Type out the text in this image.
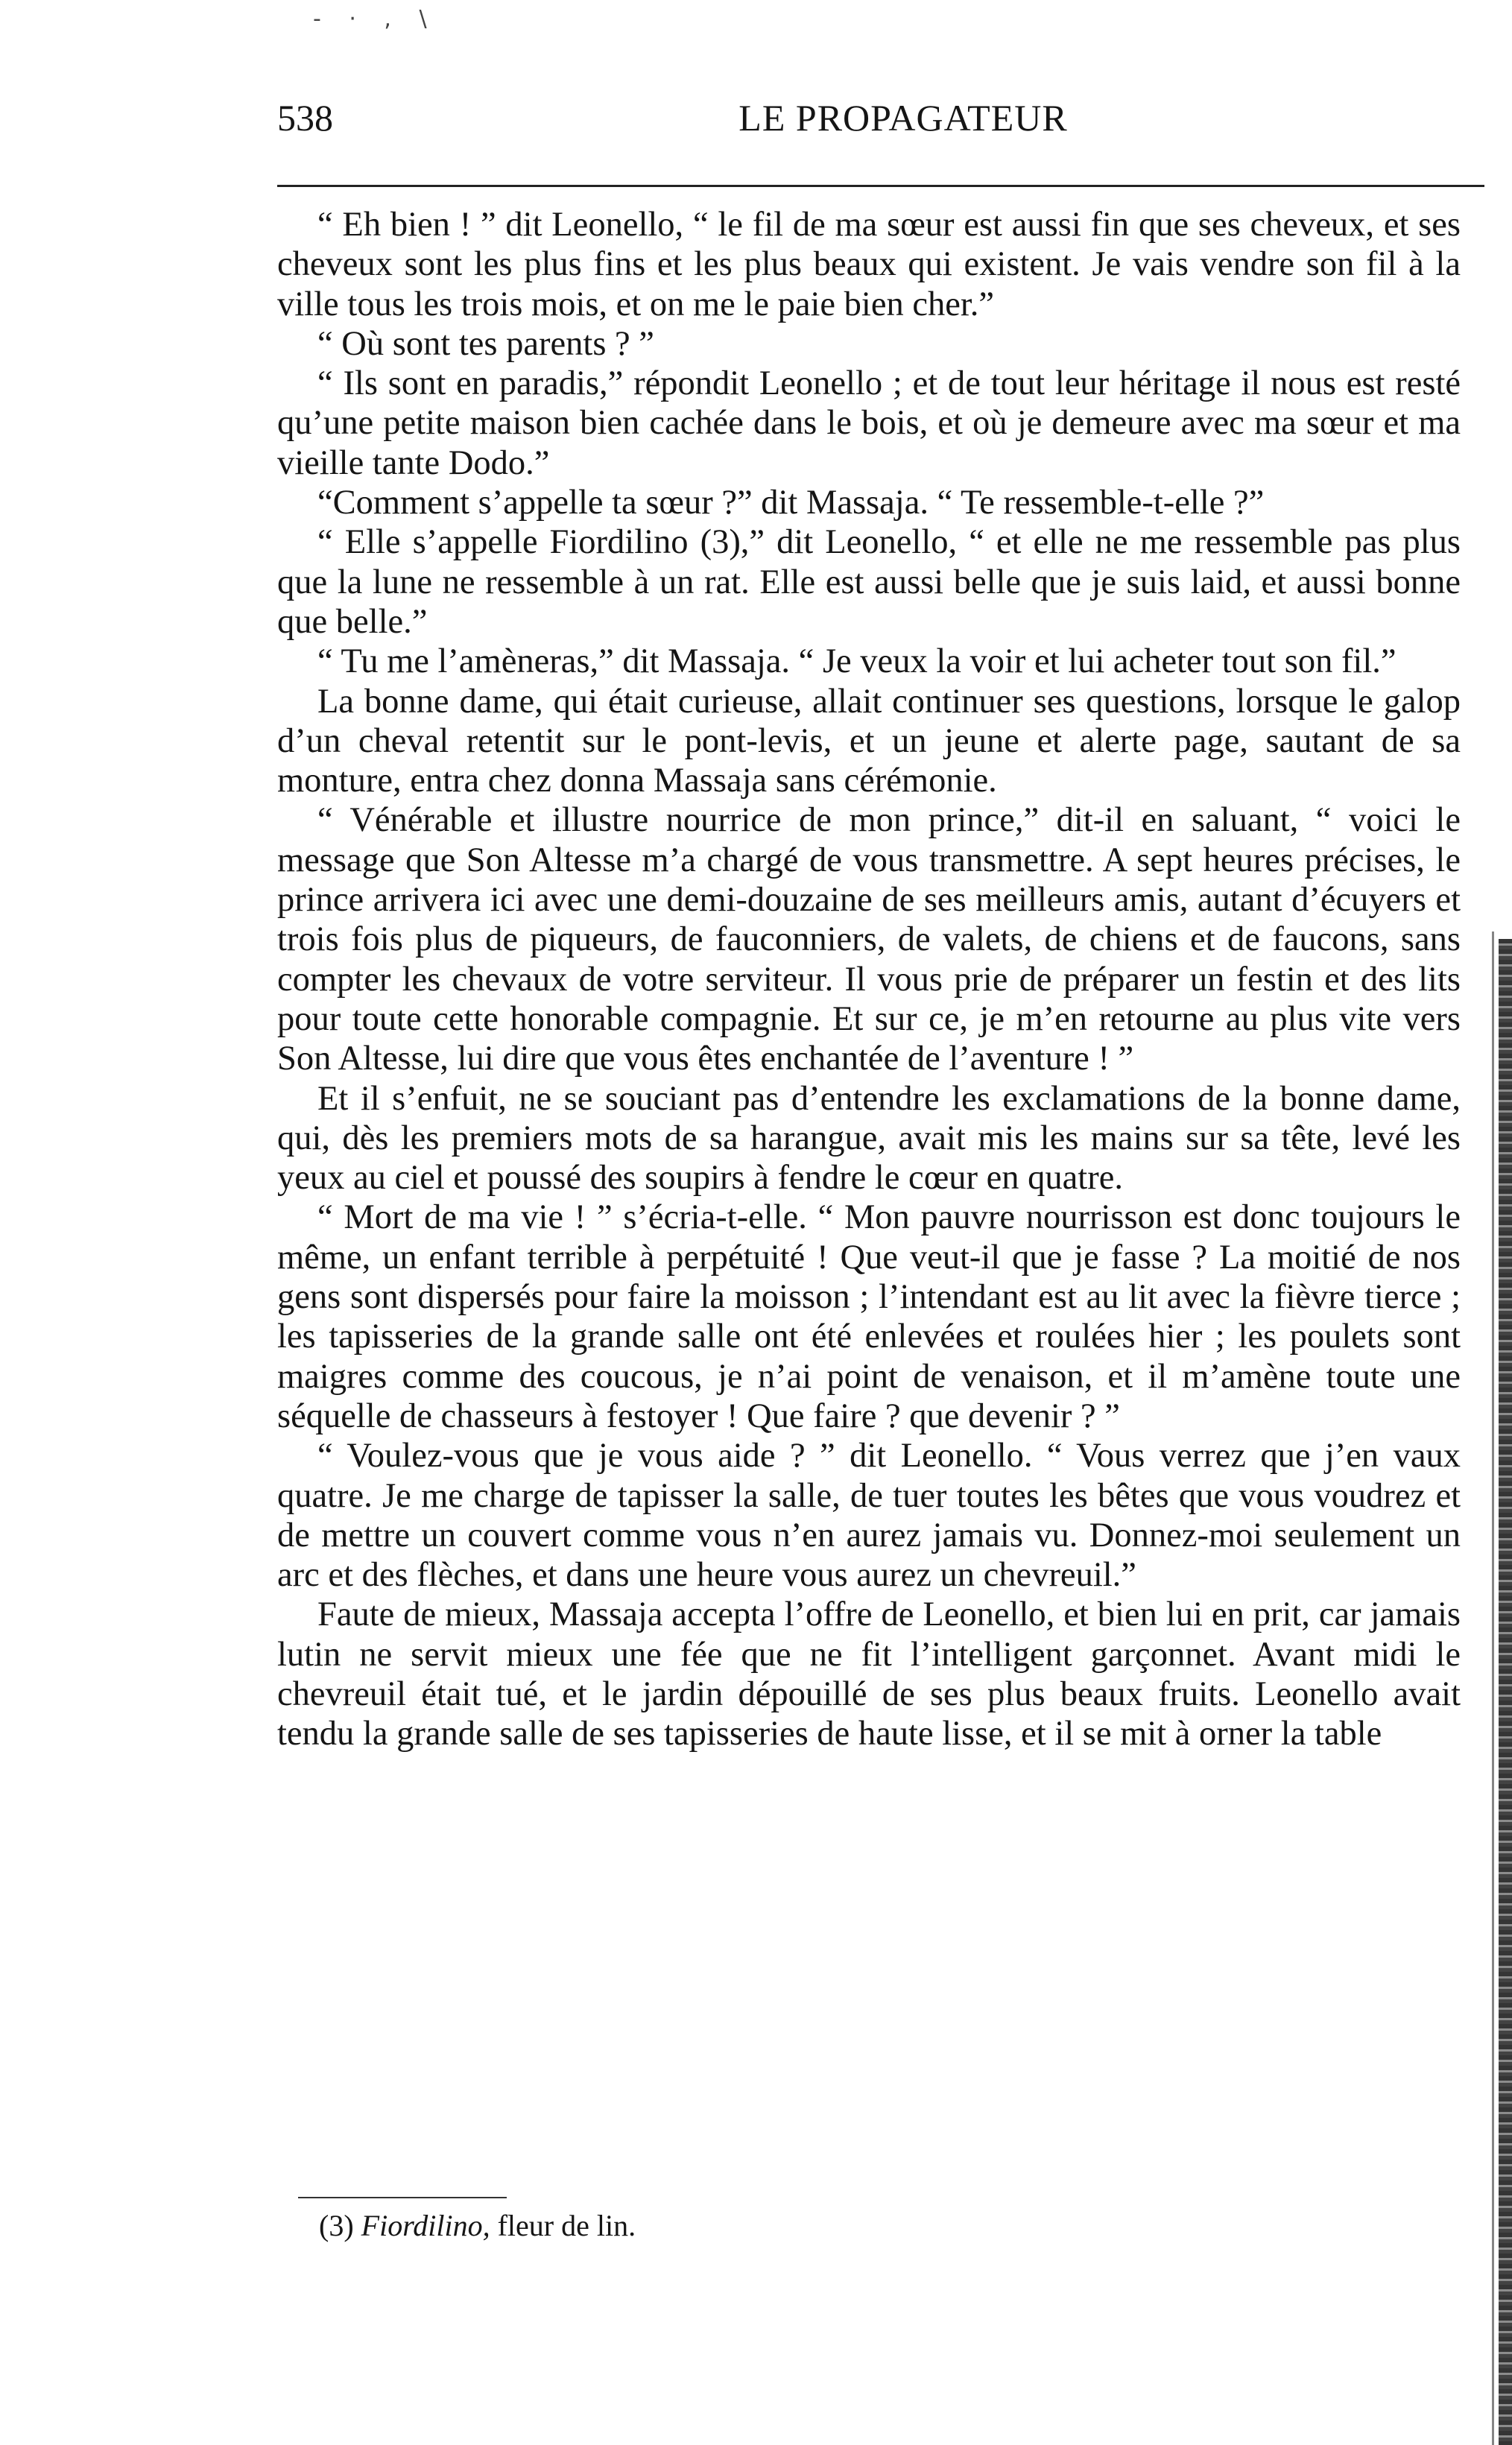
- · , \
538	LE PROPAGATEUR

“ Eh bien ! ” dit Leonello, “ le fil de ma sœur est aussi fin que ses cheveux, et ses cheveux sont les plus fins et les plus beaux qui existent. Je vais vendre son fil à la ville tous les trois mois, et on me le paie bien cher.”

“ Où sont tes parents ? ”

“ Ils sont en paradis,” répondit Leonello ; et de tout leur héritage il nous est resté qu’une petite maison bien cachée dans le bois, et où je demeure avec ma sœur et ma vieille tante Dodo.”

“Comment s’appelle ta sœur ?” dit Massaja. “ Te ressemble-t-elle ?”

“ Elle s’appelle Fiordilino (3),” dit Leonello, “ et elle ne me ressemble pas plus que la lune ne ressemble à un rat. Elle est aussi belle que je suis laid, et aussi bonne que belle.”

“ Tu me l’amèneras,” dit Massaja. “ Je veux la voir et lui acheter tout son fil.”

La bonne dame, qui était curieuse, allait continuer ses questions, lorsque le galop d’un cheval retentit sur le pont-levis, et un jeune et alerte page, sautant de sa monture, entra chez donna Massaja sans cérémonie.

“ Vénérable et illustre nourrice de mon prince,” dit-il en saluant, “ voici le message que Son Altesse m’a chargé de vous transmettre. A sept heures précises, le prince arrivera ici avec une demi-douzaine de ses meilleurs amis, autant d’écuyers et trois fois plus de piqueurs, de fauconniers, de valets, de chiens et de faucons, sans compter les chevaux de votre serviteur. Il vous prie de préparer un festin et des lits pour toute cette honorable compagnie. Et sur ce, je m’en retourne au plus vite vers Son Altesse, lui dire que vous êtes enchantée de l’aventure ! ”

Et il s’enfuit, ne se souciant pas d’entendre les exclamations de la bonne dame, qui, dès les premiers mots de sa harangue, avait mis les mains sur sa tête, levé les yeux au ciel et poussé des soupirs à fendre le cœur en quatre.

“ Mort de ma vie ! ” s’écria-t-elle. “ Mon pauvre nourrisson est donc toujours le même, un enfant terrible à perpétuité ! Que veut-il que je fasse ? La moitié de nos gens sont dispersés pour faire la moisson ; l’intendant est au lit avec la fièvre tierce ; les tapisseries de la grande salle ont été enlevées et roulées hier ; les poulets sont maigres comme des coucous, je n’ai point de venaison, et il m’amène toute une séquelle de chasseurs à festoyer ! Que faire ? que devenir ? ”

“ Voulez-vous que je vous aide ? ” dit Leonello. “ Vous verrez que j’en vaux quatre. Je me charge de tapisser la salle, de tuer toutes les bêtes que vous voudrez et de mettre un couvert comme vous n’en aurez jamais vu. Donnez-moi seulement un arc et des flèches, et dans une heure vous aurez un chevreuil.”

Faute de mieux, Massaja accepta l’offre de Leonello, et bien lui en prit, car jamais lutin ne servit mieux une fée que ne fit l’intelligent garçonnet. Avant midi le chevreuil était tué, et le jardin dépouillé de ses plus beaux fruits. Leonello avait tendu la grande salle de ses tapisseries de haute lisse, et il se mit à orner la table

(3) Fiordilino, fleur de lin.
